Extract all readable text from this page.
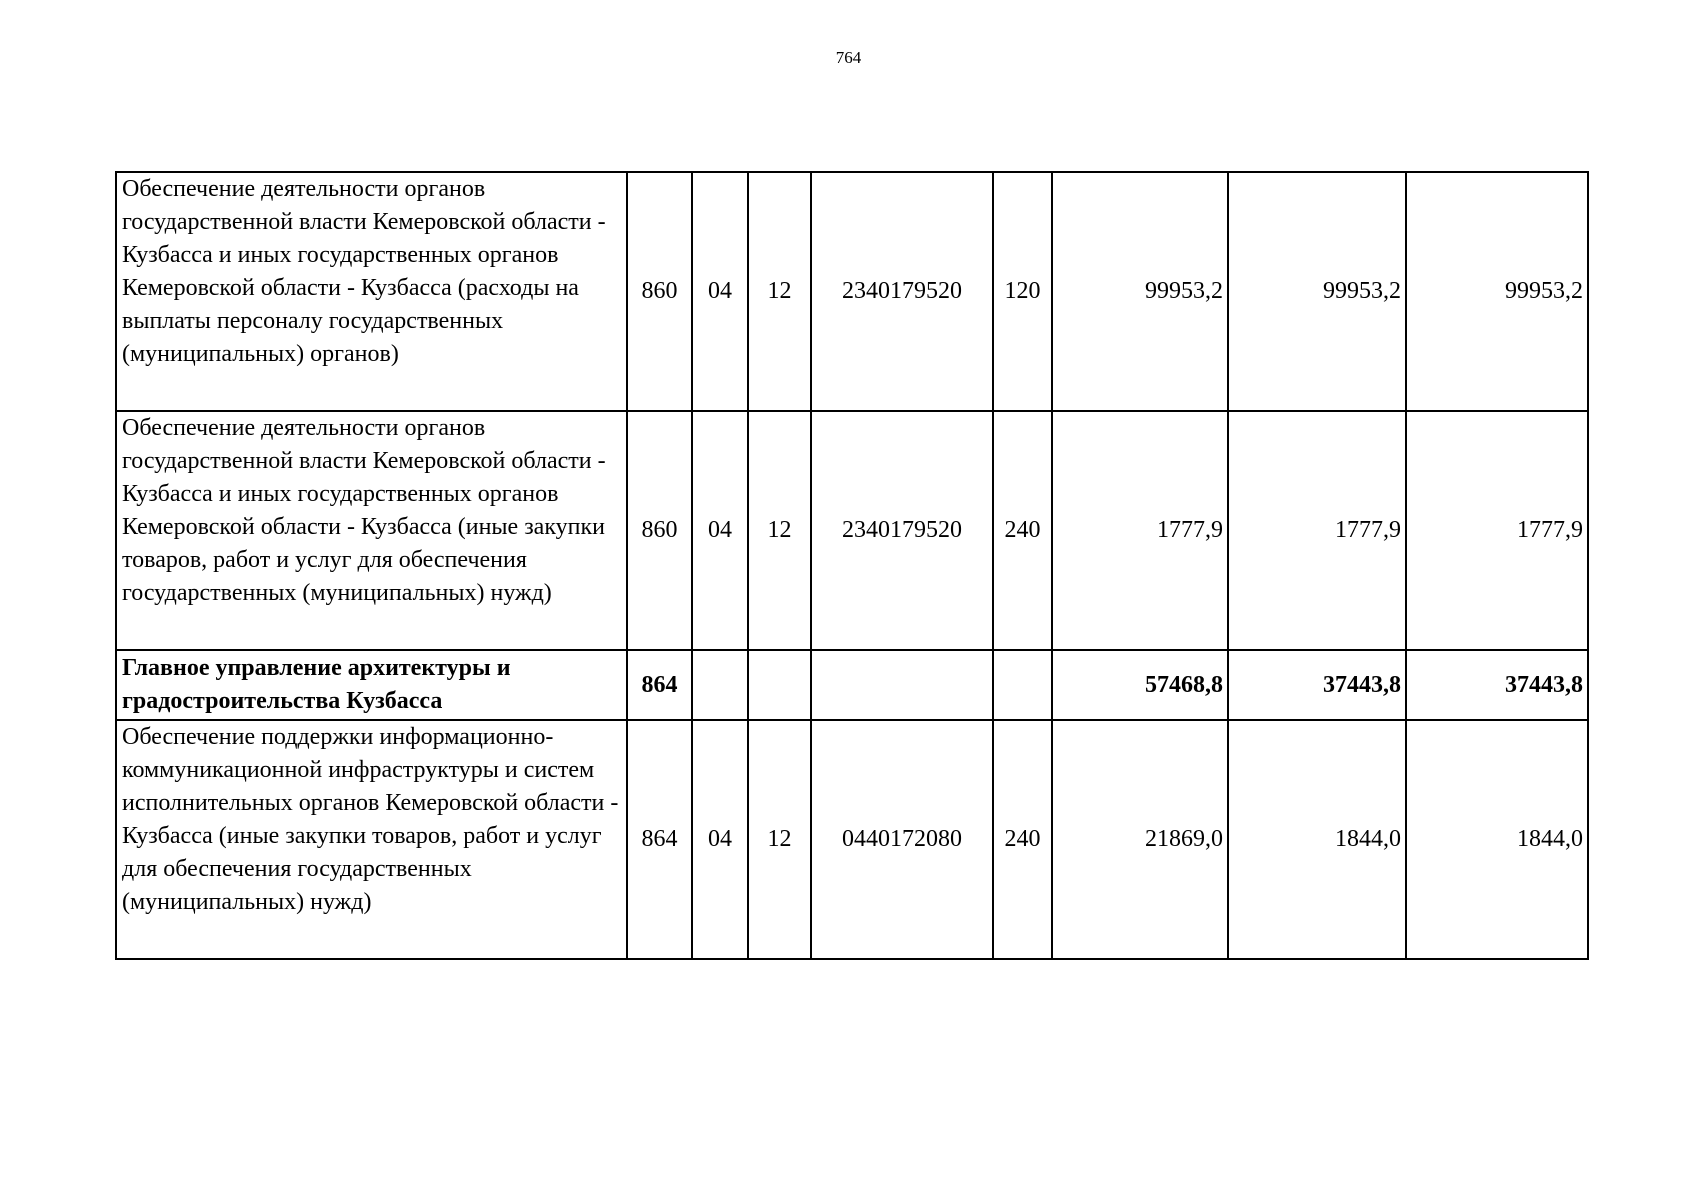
764
Обеспечение деятельности органов государственной власти Кемеровской области - Кузбасса и иных государственных органов Кемеровской области - Кузбасса (расходы на выплаты персоналу государственных (муниципальных) органов)	860	04	12	2340179520	120	99953,2	99953,2	99953,2
Обеспечение деятельности органов государственной власти Кемеровской области - Кузбасса и иных государственных органов Кемеровской области - Кузбасса (иные закупки товаров, работ и услуг для обеспечения государственных (муниципальных) нужд)	860	04	12	2340179520	240	1777,9	1777,9	1777,9
Главное управление архитектуры и градостроительства Кузбасса	864					57468,8	37443,8	37443,8
Обеспечение поддержки информационно-коммуникационной инфраструктуры и систем исполнительных органов Кемеровской области - Кузбасса (иные закупки товаров, работ и услуг для обеспечения государственных (муниципальных) нужд)	864	04	12	0440172080	240	21869,0	1844,0	1844,0
